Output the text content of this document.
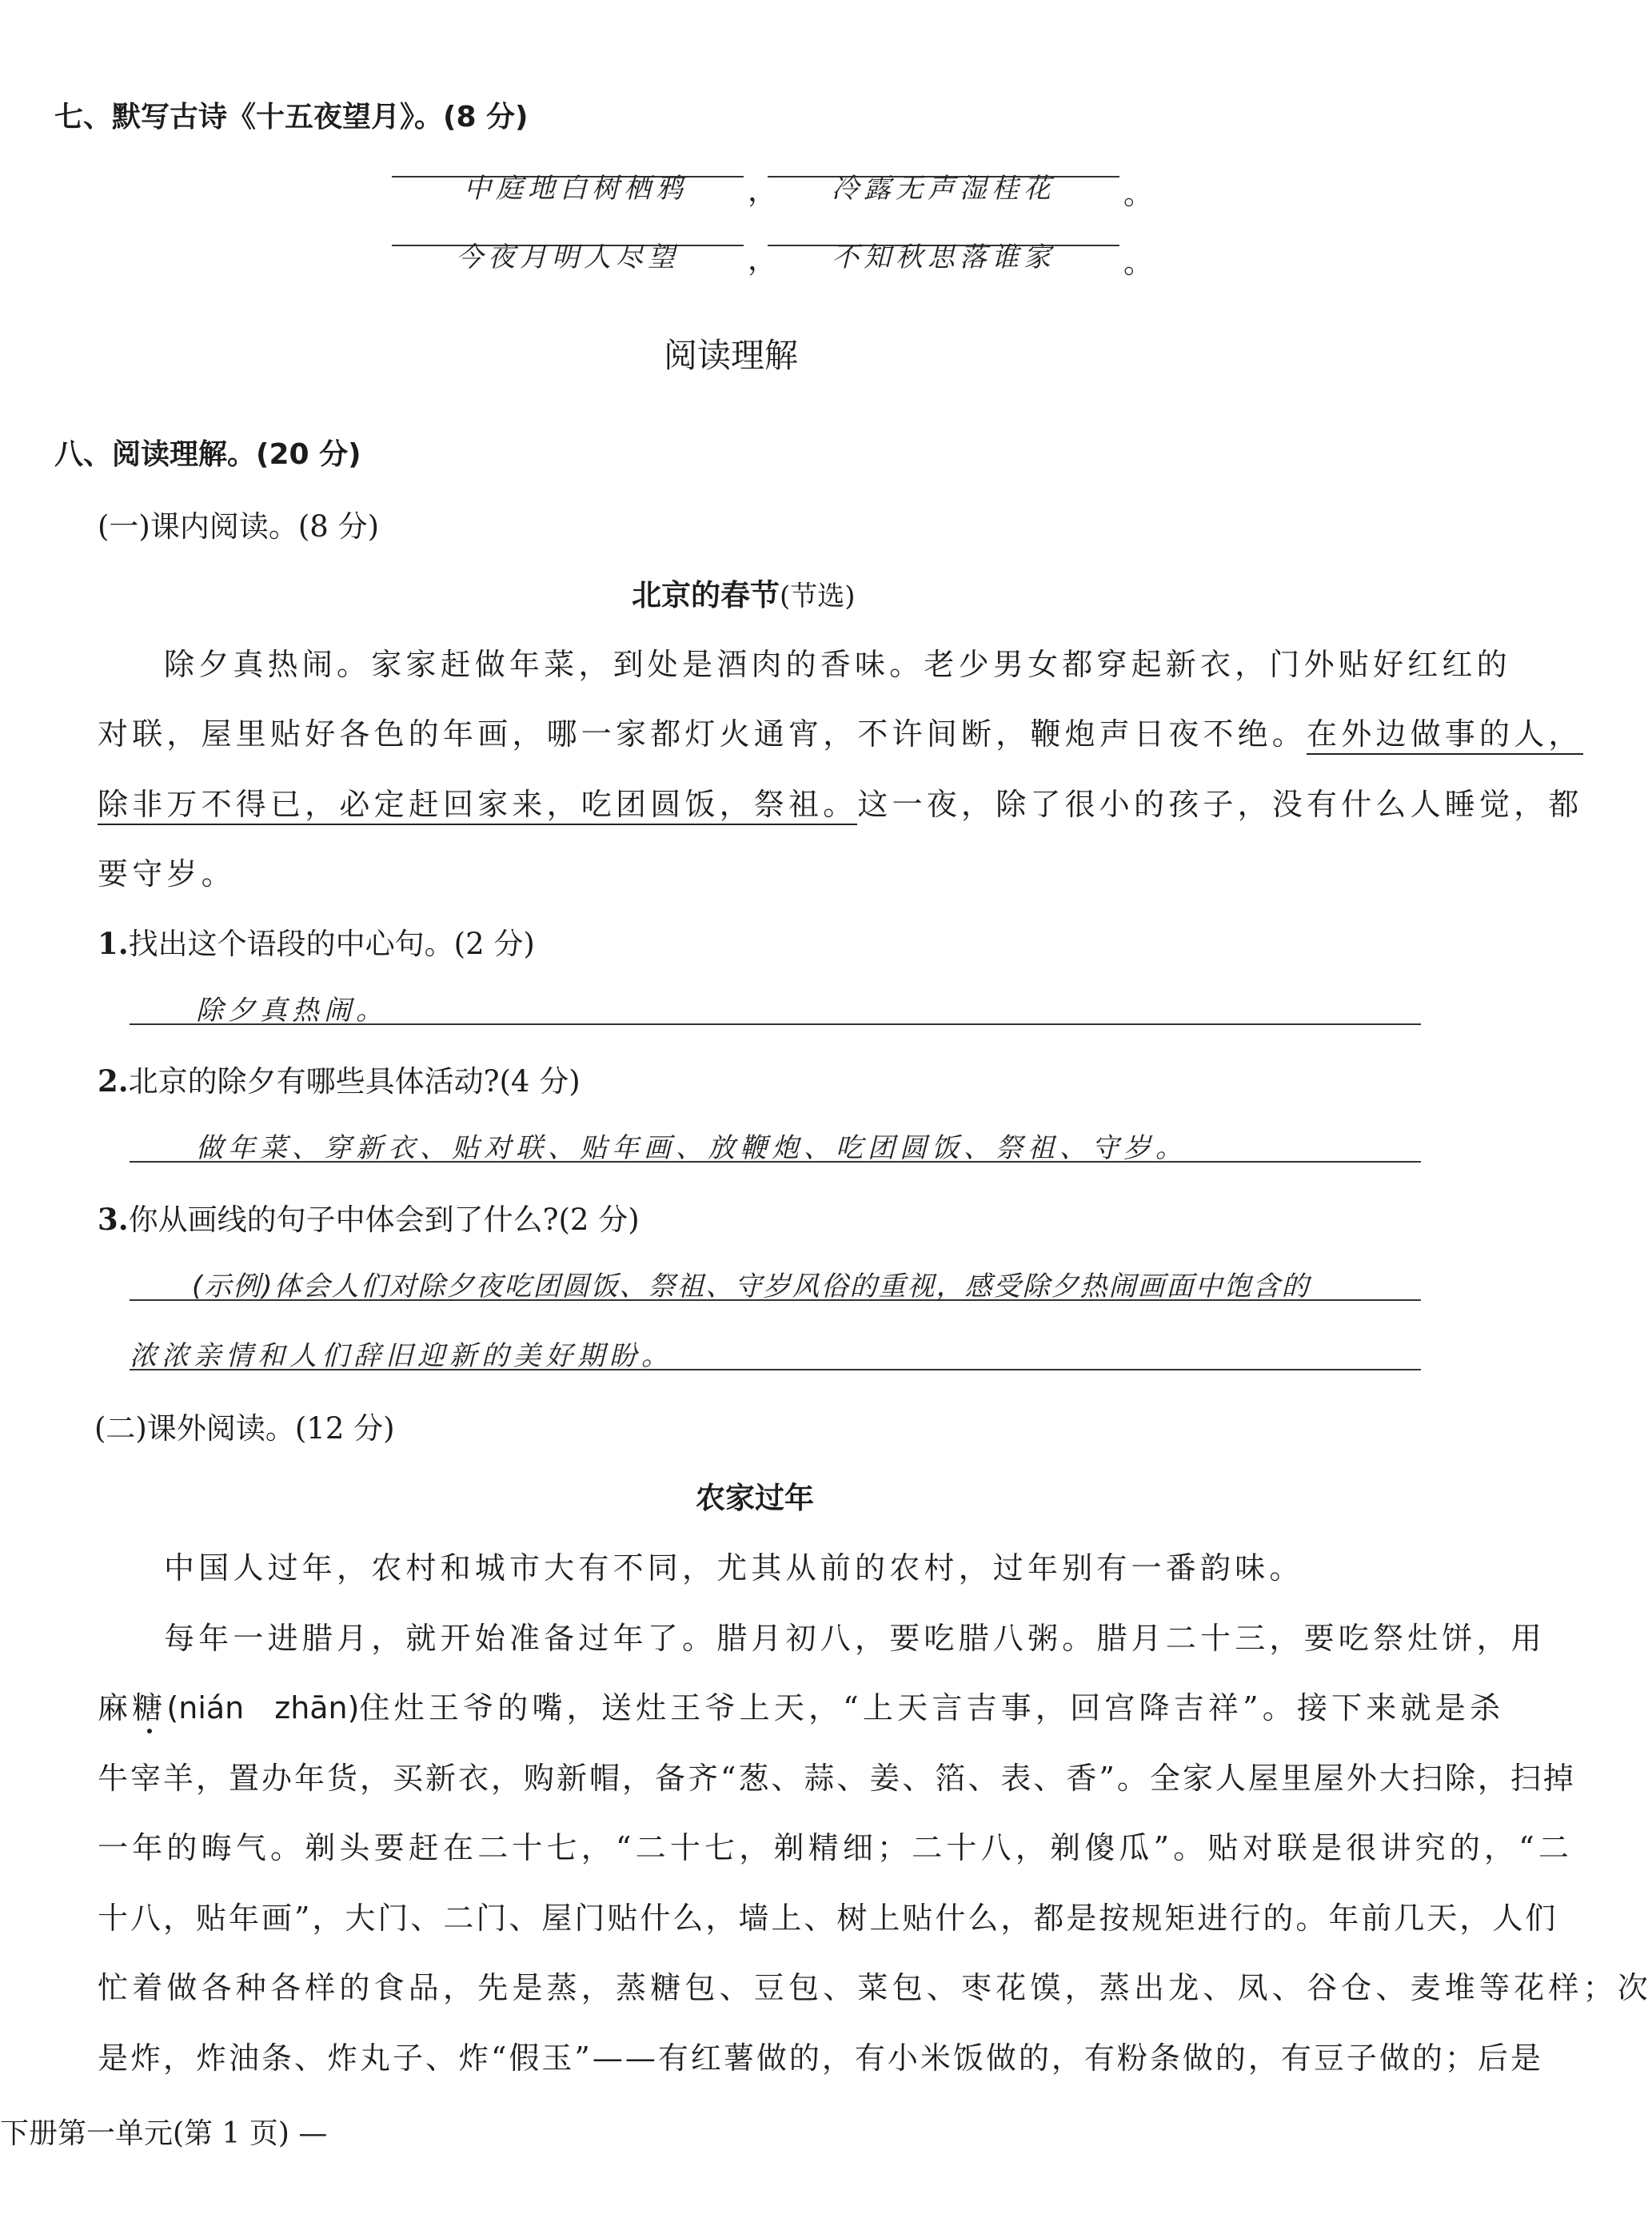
七、默写古诗《十五夜望月》。(8 分)
中庭地白树栖鸦 ， 冷露无声湿桂花 。
今夜月明人尽望 ， 不知秋思落谁家 。
阅读理解
八、阅读理解。(20 分)
(一)课内阅读。(8 分)
北京的春节(节选)
除夕真热闹。家家赶做年菜，到处是酒肉的香味。老少男女都穿起新衣，门外贴好红红的
对联，屋里贴好各色的年画，哪一家都灯火通宵，不许间断，鞭炮声日夜不绝。在外边做事的人，
除非万不得已，必定赶回家来，吃团圆饭，祭祖。这一夜，除了很小的孩子，没有什么人睡觉，都
要守岁。
1.找出这个语段的中心句。(2 分)
除夕真热闹。
2.北京的除夕有哪些具体活动?(4 分)
做年菜、穿新衣、贴对联、贴年画、放鞭炮、吃团圆饭、祭祖、守岁。
3.你从画线的句子中体会到了什么?(2 分)
(示例)体会人们对除夕夜吃团圆饭、祭祖、守岁风俗的重视，感受除夕热闹画面中饱含的
浓浓亲情和人们辞旧迎新的美好期盼。
(二)课外阅读。(12 分)
农家过年
中国人过年，农村和城市大有不同，尤其从前的农村，过年别有一番韵味。
每年一进腊月，就开始准备过年了。腊月初八，要吃腊八粥。腊月二十三，要吃祭灶饼，用
麻糖(nián　zhān)住灶王爷的嘴，送灶王爷上天，“上天言吉事，回宫降吉祥”。接下来就是杀
牛宰羊，置办年货，买新衣，购新帽，备齐“葱、蒜、姜、箔、表、香”。全家人屋里屋外大扫除，扫掉
一年的晦气。剃头要赶在二十七，“二十七，剃精细；二十八，剃傻瓜”。贴对联是很讲究的，“二
十八，贴年画”，大门、二门、屋门贴什么，墙上、树上贴什么，都是按规矩进行的。年前几天，人们
忙着做各种各样的食品，先是蒸，蒸糖包、豆包、菜包、枣花馍，蒸出龙、凤、谷仓、麦堆等花样；次
是炸，炸油条、炸丸子、炸“假玉”——有红薯做的，有小米饭做的，有粉条做的，有豆子做的；后是
下册第一单元(第 1 页) —
